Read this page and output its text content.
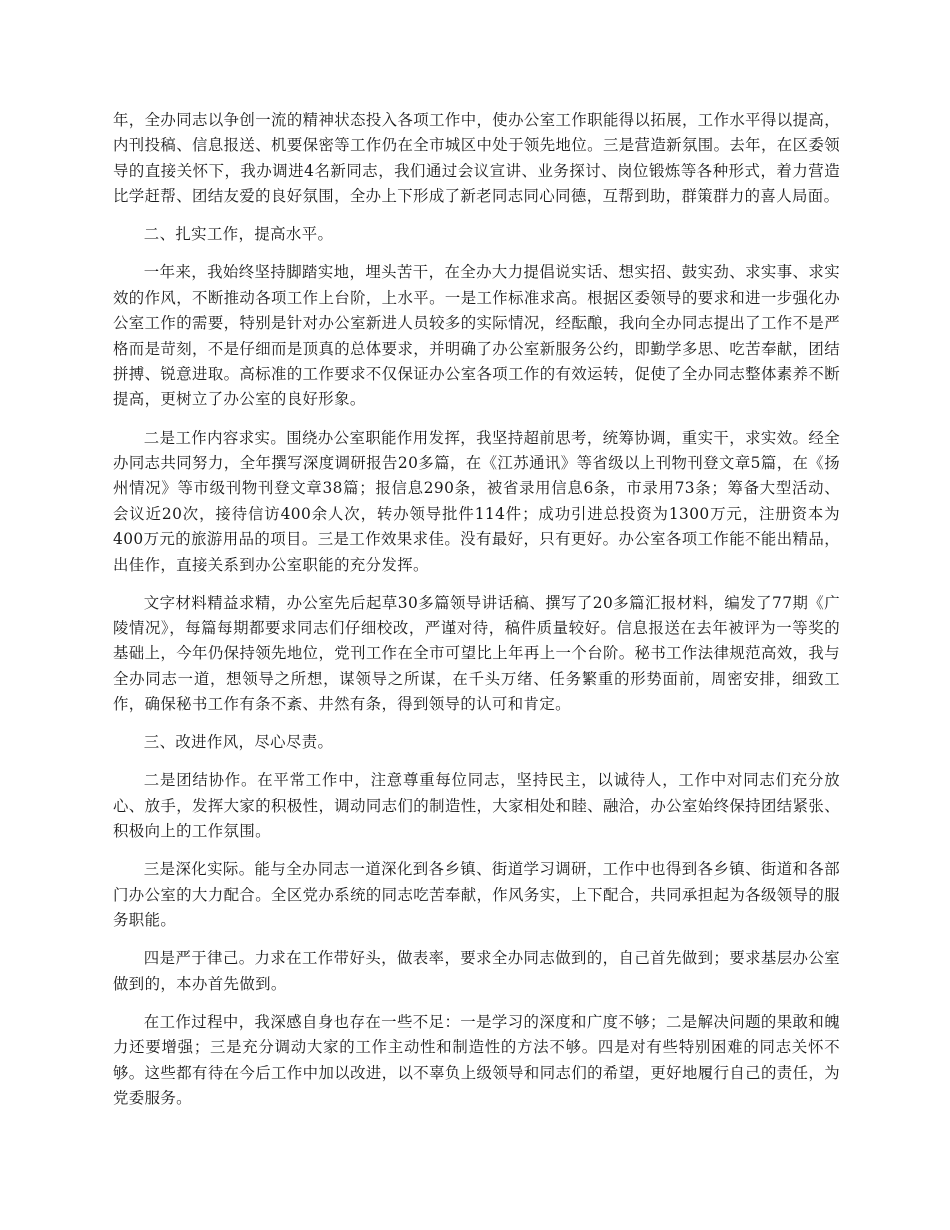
年，全办同志以争创一流的精神状态投入各项工作中，使办公室工作职能得以拓展，工作水平得以提高，内刊投稿、信息报送、机要保密等工作仍在全市城区中处于领先地位。三是营造新氛围。去年，在区委领导的直接关怀下，我办调进4名新同志，我们通过会议宣讲、业务探讨、岗位锻炼等各种形式，着力营造比学赶帮、团结友爱的良好氛围，全办上下形成了新老同志同心同德，互帮到助，群策群力的喜人局面。

二、扎实工作，提高水平。

一年来，我始终坚持脚踏实地，埋头苦干，在全办大力提倡说实话、想实招、鼓实劲、求实事、求实效的作风，不断推动各项工作上台阶，上水平。一是工作标准求高。根据区委领导的要求和进一步强化办公室工作的需要，特别是针对办公室新进人员较多的实际情况，经酝酿，我向全办同志提出了工作不是严格而是苛刻，不是仔细而是顶真的总体要求，并明确了办公室新服务公约，即勤学多思、吃苦奉献，团结拼搏、锐意进取。高标准的工作要求不仅保证办公室各项工作的有效运转，促使了全办同志整体素养不断提高，更树立了办公室的良好形象。

二是工作内容求实。围绕办公室职能作用发挥，我坚持超前思考，统筹协调，重实干，求实效。经全办同志共同努力，全年撰写深度调研报告20多篇，在《江苏通讯》等省级以上刊物刊登文章5篇，在《扬州情况》等市级刊物刊登文章38篇；报信息290条，被省录用信息6条，市录用73条；筹备大型活动、会议近20次，接待信访400余人次，转办领导批件114件；成功引进总投资为1300万元，注册资本为400万元的旅游用品的项目。三是工作效果求佳。没有最好，只有更好。办公室各项工作能不能出精品，出佳作，直接关系到办公室职能的充分发挥。

文字材料精益求精，办公室先后起草30多篇领导讲话稿、撰写了20多篇汇报材料，编发了77期《广陵情况》，每篇每期都要求同志们仔细校改，严谨对待，稿件质量较好。信息报送在去年被评为一等奖的基础上，今年仍保持领先地位，党刊工作在全市可望比上年再上一个台阶。秘书工作法律规范高效，我与全办同志一道，想领导之所想，谋领导之所谋，在千头万绪、任务繁重的形势面前，周密安排，细致工作，确保秘书工作有条不紊、井然有条，得到领导的认可和肯定。

三、改进作风，尽心尽责。

二是团结协作。在平常工作中，注意尊重每位同志，坚持民主，以诚待人，工作中对同志们充分放心、放手，发挥大家的积极性，调动同志们的制造性，大家相处和睦、融洽，办公室始终保持团结紧张、积极向上的工作氛围。

三是深化实际。能与全办同志一道深化到各乡镇、街道学习调研，工作中也得到各乡镇、街道和各部门办公室的大力配合。全区党办系统的同志吃苦奉献，作风务实，上下配合，共同承担起为各级领导的服务职能。

四是严于律己。力求在工作带好头，做表率，要求全办同志做到的，自己首先做到；要求基层办公室做到的，本办首先做到。

在工作过程中，我深感自身也存在一些不足：一是学习的深度和广度不够；二是解决问题的果敢和魄力还要增强；三是充分调动大家的工作主动性和制造性的方法不够。四是对有些特别困难的同志关怀不够。这些都有待在今后工作中加以改进，以不辜负上级领导和同志们的希望，更好地履行自己的责任，为党委服务。
